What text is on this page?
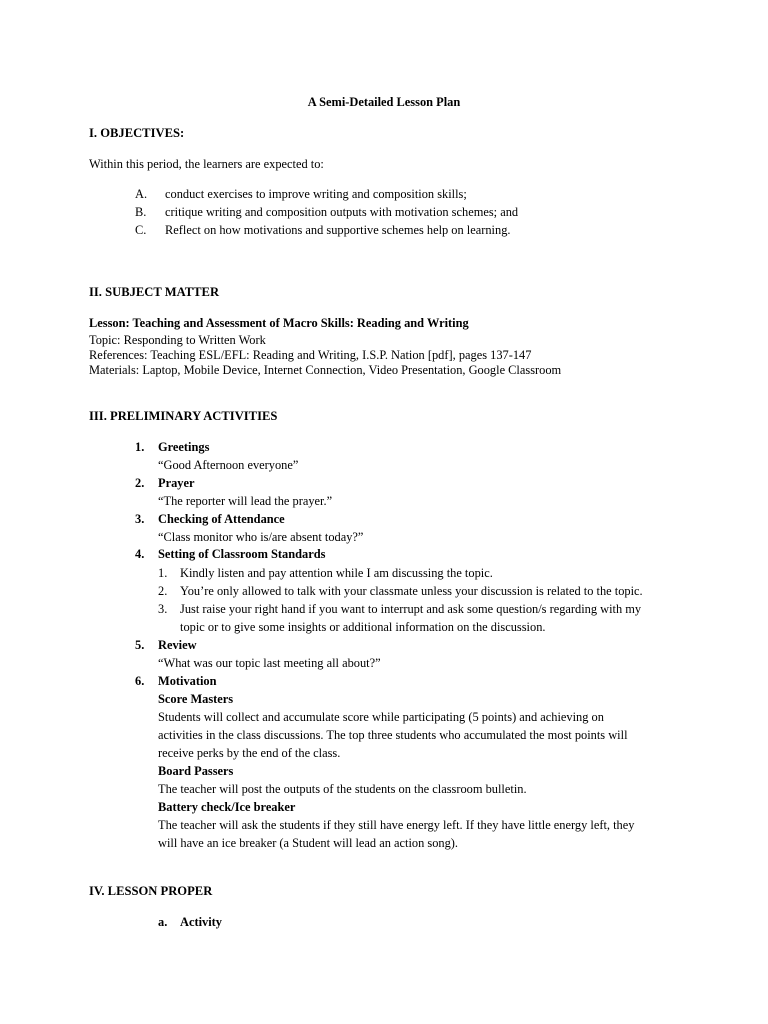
A Semi-Detailed Lesson Plan
I. OBJECTIVES:
Within this period, the learners are expected to:
A. conduct exercises to improve writing and composition skills;
B. critique writing and composition outputs with motivation schemes; and
C. Reflect on how motivations and supportive schemes help on learning.
II. SUBJECT MATTER
Lesson: Teaching and Assessment of Macro Skills: Reading and Writing
Topic: Responding to Written Work
References: Teaching ESL/EFL: Reading and Writing, I.S.P. Nation [pdf], pages 137-147
Materials: Laptop, Mobile Device, Internet Connection, Video Presentation, Google Classroom
III. PRELIMINARY ACTIVITIES
1. Greetings
“Good Afternoon everyone”
2. Prayer
“The reporter will lead the prayer.”
3. Checking of Attendance
“Class monitor who is/are absent today?”
4. Setting of Classroom Standards
1. Kindly listen and pay attention while I am discussing the topic.
2. You’re only allowed to talk with your classmate unless your discussion is related to the topic.
3. Just raise your right hand if you want to interrupt and ask some question/s regarding with my
topic or to give some insights or additional information on the discussion.
5. Review
“What was our topic last meeting all about?”
6. Motivation
Score Masters
Students will collect and accumulate score while participating (5 points) and achieving on
activities in the class discussions. The top three students who accumulated the most points will
receive perks by the end of the class.
Board Passers
The teacher will post the outputs of the students on the classroom bulletin.
Battery check/Ice breaker
The teacher will ask the students if they still have energy left. If they have little energy left, they
will have an ice breaker (a Student will lead an action song).
IV. LESSON PROPER
a. Activity
